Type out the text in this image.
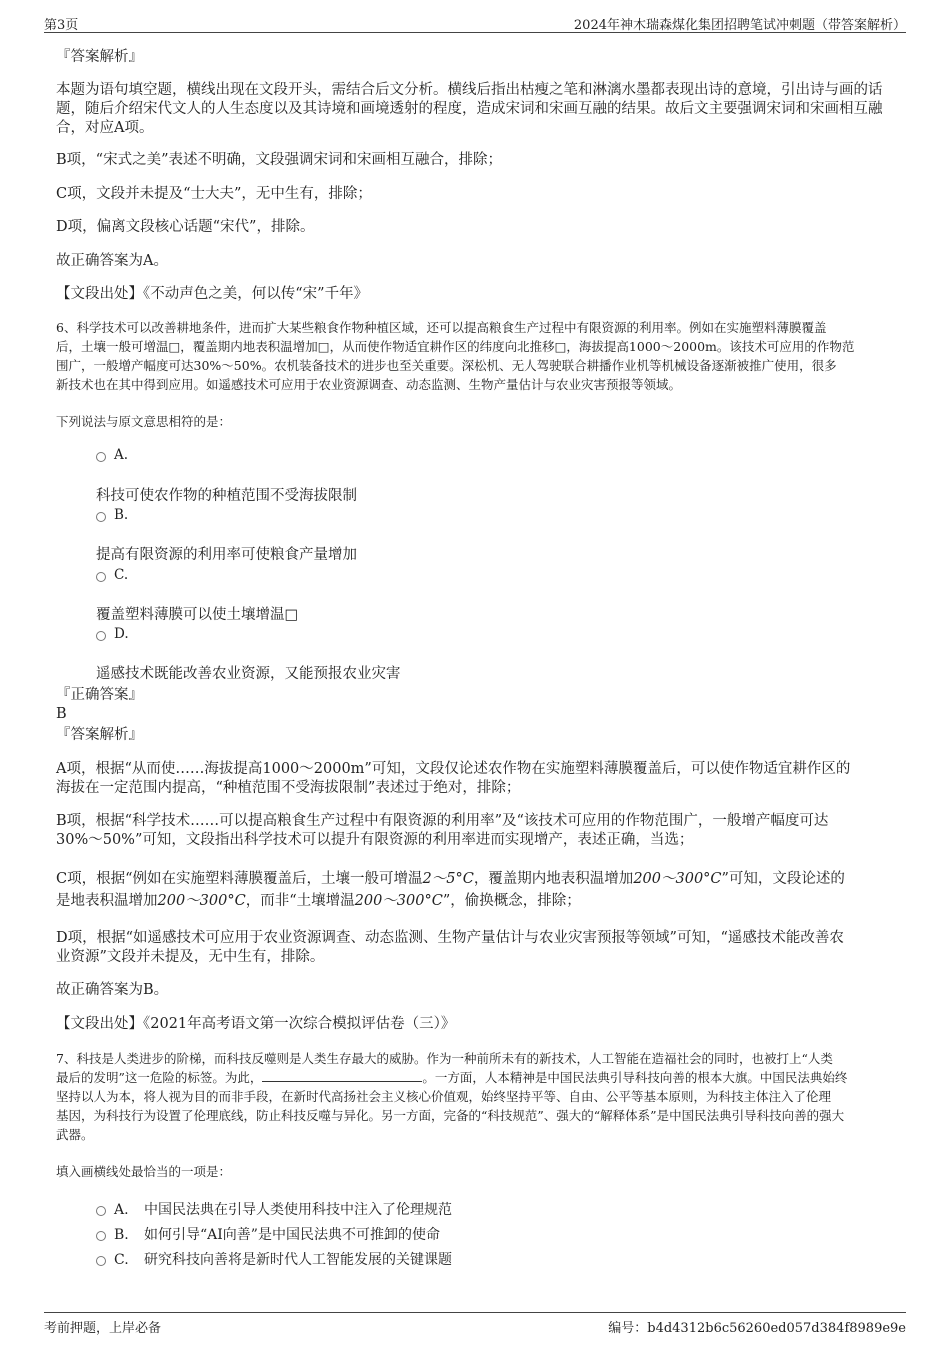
第3页	2024年神木瑞森煤化集团招聘笔试冲刺题（带答案解析）
『答案解析』
本题为语句填空题，横线出现在文段开头，需结合后文分析。横线后指出枯瘦之笔和淋漓水墨都表现出诗的意境，引出诗与画的话题，随后介绍宋代文人的人生态度以及其诗境和画境透射的程度，造成宋词和宋画互融的结果。故后文主要强调宋词和宋画相互融合，对应A项。
B项，“宋式之美”表述不明确，文段强调宋词和宋画相互融合，排除；
C项，文段并未提及“士大夫”，无中生有，排除；
D项，偏离文段核心话题“宋代”，排除。
故正确答案为A。
【文段出处】《不动声色之美，何以传“宋”千年》
6、科学技术可以改善耕地条件，进而扩大某些粮食作物种植区域，还可以提高粮食生产过程中有限资源的利用率。例如在实施塑料薄膜覆盖
后，土壤一般可增温□，覆盖期内地表积温增加□，从而使作物适宜耕作区的纬度向北推移□，海拔提高1000～2000m。该技术可应用的作物范
围广，一般增产幅度可达30%～50%。农机装备技术的进步也至关重要。深松机、无人驾驶联合耕播作业机等机械设备逐渐被推广使用，很多
新技术也在其中得到应用。如遥感技术可应用于农业资源调查、动态监测、生物产量估计与农业灾害预报等领域。
下列说法与原文意思相符的是：
A.
科技可使农作物的种植范围不受海拔限制
B.
提高有限资源的利用率可使粮食产量增加
C.
覆盖塑料薄膜可以使土壤增温□
D.
遥感技术既能改善农业资源，又能预报农业灾害
『正确答案』
B
『答案解析』
A项，根据“从而使……海拔提高1000～2000m”可知，文段仅论述农作物在实施塑料薄膜覆盖后，可以使作物适宜耕作区的
海拔在一定范围内提高，“种植范围不受海拔限制”表述过于绝对，排除；
B项，根据“科学技术……可以提高粮食生产过程中有限资源的利用率”及“该技术可应用的作物范围广，一般增产幅度可达
30%～50%”可知，文段指出科学技术可以提升有限资源的利用率进而实现增产，表述正确，当选；
C项，根据“例如在实施塑料薄膜覆盖后，土壤一般可增温2～5°C，覆盖期内地表积温增加200～300°C”可知，文段论述的
是地表积温增加200～300°C，而非“土壤增温200～300°C”，偷换概念，排除；
D项，根据“如遥感技术可应用于农业资源调查、动态监测、生物产量估计与农业灾害预报等领域”可知，“遥感技术能改善农
业资源”文段并未提及，无中生有，排除。
故正确答案为B。
【文段出处】《2021年高考语文第一次综合模拟评估卷（三）》
7、科技是人类进步的阶梯，而科技反噬则是人类生存最大的威胁。作为一种前所未有的新技术，人工智能在造福社会的同时，也被打上“人类
最后的发明”这一危险的标签。为此，	。一方面，人本精神是中国民法典引导科技向善的根本大旗。中国民法典始终
坚持以人为本，将人视为目的而非手段，在新时代高扬社会主义核心价值观，始终坚持平等、自由、公平等基本原则，为科技主体注入了伦理
基因，为科技行为设置了伦理底线，防止科技反噬与异化。另一方面，完备的“科技规范”、强大的“解释体系”是中国民法典引导科技向善的强大
武器。
填入画横线处最恰当的一项是：
A. 中国民法典在引导人类使用科技中注入了伦理规范
B. 如何引导“AI向善”是中国民法典不可推卸的使命
C. 研究科技向善将是新时代人工智能发展的关键课题
考前押题，上岸必备	编号：b4d4312b6c56260ed057d384f8989e9e
